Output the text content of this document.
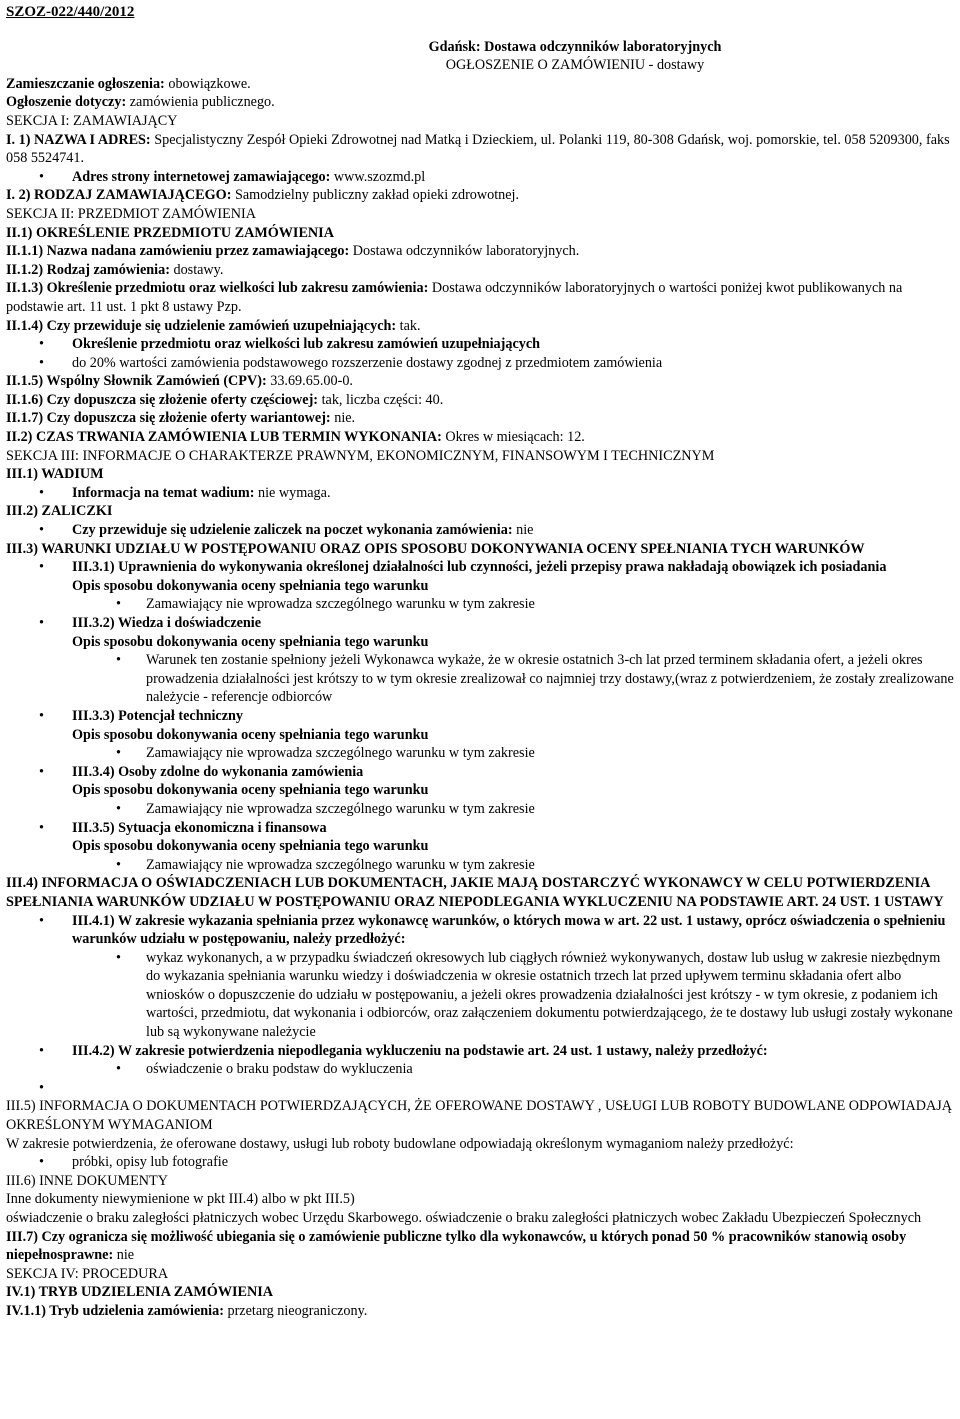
SZOZ-022/440/2012

Gdańsk: Dostawa odczynników laboratoryjnych

OGŁOSZENIE O ZAMÓWIENIU - dostawy

Zamieszczanie ogłoszenia: obowiązkowe.

Ogłoszenie dotyczy: zamówienia publicznego.

SEKCJA I: ZAMAWIAJĄCY

I. 1) NAZWA I ADRES: Specjalistyczny Zespół Opieki Zdrowotnej nad Matką i Dzieckiem, ul. Polanki 119, 80-308 Gdańsk, woj. pomorskie, tel. 058 5209300, faks 058 5524741.

• Adres strony internetowej zamawiającego: www.szozmd.pl

I. 2) RODZAJ ZAMAWIAJĄCEGO: Samodzielny publiczny zakład opieki zdrowotnej.

SEKCJA II: PRZEDMIOT ZAMÓWIENIA

II.1) OKREŚLENIE PRZEDMIOTU ZAMÓWIENIA

II.1.1) Nazwa nadana zamówieniu przez zamawiającego: Dostawa odczynników laboratoryjnych.

II.1.2) Rodzaj zamówienia: dostawy.

II.1.3) Określenie przedmiotu oraz wielkości lub zakresu zamówienia: Dostawa odczynników laboratoryjnych o wartości poniżej kwot publikowanych na podstawie art. 11 ust. 1 pkt 8 ustawy Pzp.

II.1.4) Czy przewiduje się udzielenie zamówień uzupełniających: tak.

• Określenie przedmiotu oraz wielkości lub zakresu zamówień uzupełniających
• do 20% wartości zamówienia podstawowego rozszerzenie dostawy zgodnej z przedmiotem zamówienia

II.1.5) Wspólny Słownik Zamówień (CPV): 33.69.65.00-0.

II.1.6) Czy dopuszcza się złożenie oferty częściowej: tak, liczba części: 40.

II.1.7) Czy dopuszcza się złożenie oferty wariantowej: nie.

II.2) CZAS TRWANIA ZAMÓWIENIA LUB TERMIN WYKONANIA: Okres w miesiącach: 12.

SEKCJA III: INFORMACJE O CHARAKTERZE PRAWNYM, EKONOMICZNYM, FINANSOWYM I TECHNICZNYM

III.1) WADIUM

• Informacja na temat wadium: nie wymaga.

III.2) ZALICZKI

• Czy przewiduje się udzielenie zaliczek na poczet wykonania zamówienia: nie

III.3) WARUNKI UDZIAŁU W POSTĘPOWANIU ORAZ OPIS SPOSOBU DOKONYWANIA OCENY SPEŁNIANIA TYCH WARUNKÓW

• III.3.1) Uprawnienia do wykonywania określonej działalności lub czynności, jeżeli przepisy prawa nakładają obowiązek ich posiadania
Opis sposobu dokonywania oceny spełniania tego warunku
• Zamawiający nie wprowadza szczególnego warunku w tym zakresie
• III.3.2) Wiedza i doświadczenie
Opis sposobu dokonywania oceny spełniania tego warunku
• Warunek ten zostanie spełniony jeżeli Wykonawca wykaże, że w okresie ostatnich 3-ch lat przed terminem składania ofert, a jeżeli okres prowadzenia działalności jest krótszy to w tym okresie zrealizował co najmniej trzy dostawy,(wraz z potwierdzeniem, że zostały zrealizowane należycie - referencje odbiorców
• III.3.3) Potencjał techniczny
Opis sposobu dokonywania oceny spełniania tego warunku
• Zamawiający nie wprowadza szczególnego warunku w tym zakresie
• III.3.4) Osoby zdolne do wykonania zamówienia
Opis sposobu dokonywania oceny spełniania tego warunku
• Zamawiający nie wprowadza szczególnego warunku w tym zakresie
• III.3.5) Sytuacja ekonomiczna i finansowa
Opis sposobu dokonywania oceny spełniania tego warunku
• Zamawiający nie wprowadza szczególnego warunku w tym zakresie

III.4) INFORMACJA O OŚWIADCZENIACH LUB DOKUMENTACH, JAKIE MAJĄ DOSTARCZYĆ WYKONAWCY W CELU POTWIERDZENIA SPEŁNIANIA WARUNKÓW UDZIAŁU W POSTĘPOWANIU ORAZ NIEPODLEGANIA WYKLUCZENIU NA PODSTAWIE ART. 24 UST. 1 USTAWY

• III.4.1) W zakresie wykazania spełniania przez wykonawcę warunków, o których mowa w art. 22 ust. 1 ustawy, oprócz oświadczenia o spełnieniu warunków udziału w postępowaniu, należy przedłożyć:
• wykaz wykonanych, a w przypadku świadczeń okresowych lub ciągłych również wykonywanych, dostaw lub usług w zakresie niezbędnym do wykazania spełniania warunku wiedzy i doświadczenia w okresie ostatnich trzech lat przed upływem terminu składania ofert albo wniosków o dopuszczenie do udziału w postępowaniu, a jeżeli okres prowadzenia działalności jest krótszy - w tym okresie, z podaniem ich wartości, przedmiotu, dat wykonania i odbiorców, oraz załączeniem dokumentu potwierdzającego, że te dostawy lub usługi zostały wykonane lub są wykonywane należycie
• III.4.2) W zakresie potwierdzenia niepodlegania wykluczeniu na podstawie art. 24 ust. 1 ustawy, należy przedłożyć:
• oświadczenie o braku podstaw do wykluczenia
•

III.5) INFORMACJA O DOKUMENTACH POTWIERDZAJĄCYCH, ŻE OFEROWANE DOSTAWY , USŁUGI LUB ROBOTY BUDOWLANE ODPOWIADAJĄ OKREŚLONYM WYMAGANIOM

W zakresie potwierdzenia, że oferowane dostawy, usługi lub roboty budowlane odpowiadają określonym wymaganiom należy przedłożyć:

• próbki, opisy lub fotografie

III.6) INNE DOKUMENTY

Inne dokumenty niewymienione w pkt III.4) albo w pkt III.5)

oświadczenie o braku zaległości płatniczych wobec Urzędu Skarbowego. oświadczenie o braku zaległości płatniczych wobec Zakładu Ubezpieczeń Społecznych

III.7) Czy ogranicza się możliwość ubiegania się o zamówienie publiczne tylko dla wykonawców, u których ponad 50 % pracowników stanowią osoby niepełnosprawne: nie

SEKCJA IV: PROCEDURA

IV.1) TRYB UDZIELENIA ZAMÓWIENIA

IV.1.1) Tryb udzielenia zamówienia: przetarg nieograniczony.
